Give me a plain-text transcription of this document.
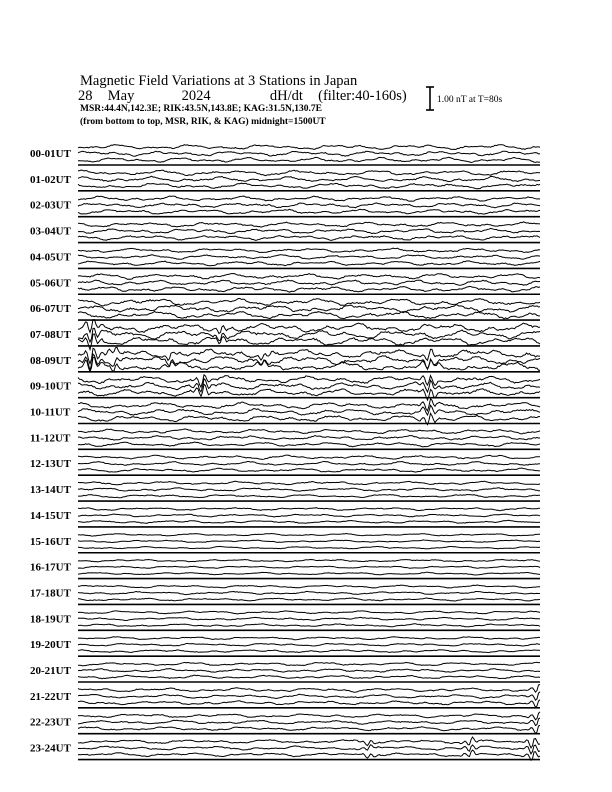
Magnetic Field Variations at 3 Stations in Japan
28 May	2024	dH/dt (filter:40-160s)
MSR:44.4N,142.3E; RIK:43.5N,143.8E; KAG:31.5N,130.7E
(from bottom to top, MSR, RIK, & KAG) midnight=1500UT
1.00 nT at T=80s
00-01UT
01-02UT
02-03UT
03-04UT
04-05UT
05-06UT
06-07UT
07-08UT
08-09UT
09-10UT
10-11UT
11-12UT
12-13UT
13-14UT
14-15UT
15-16UT
16-17UT
17-18UT
18-19UT
19-20UT
20-21UT
21-22UT
22-23UT
23-24UT
